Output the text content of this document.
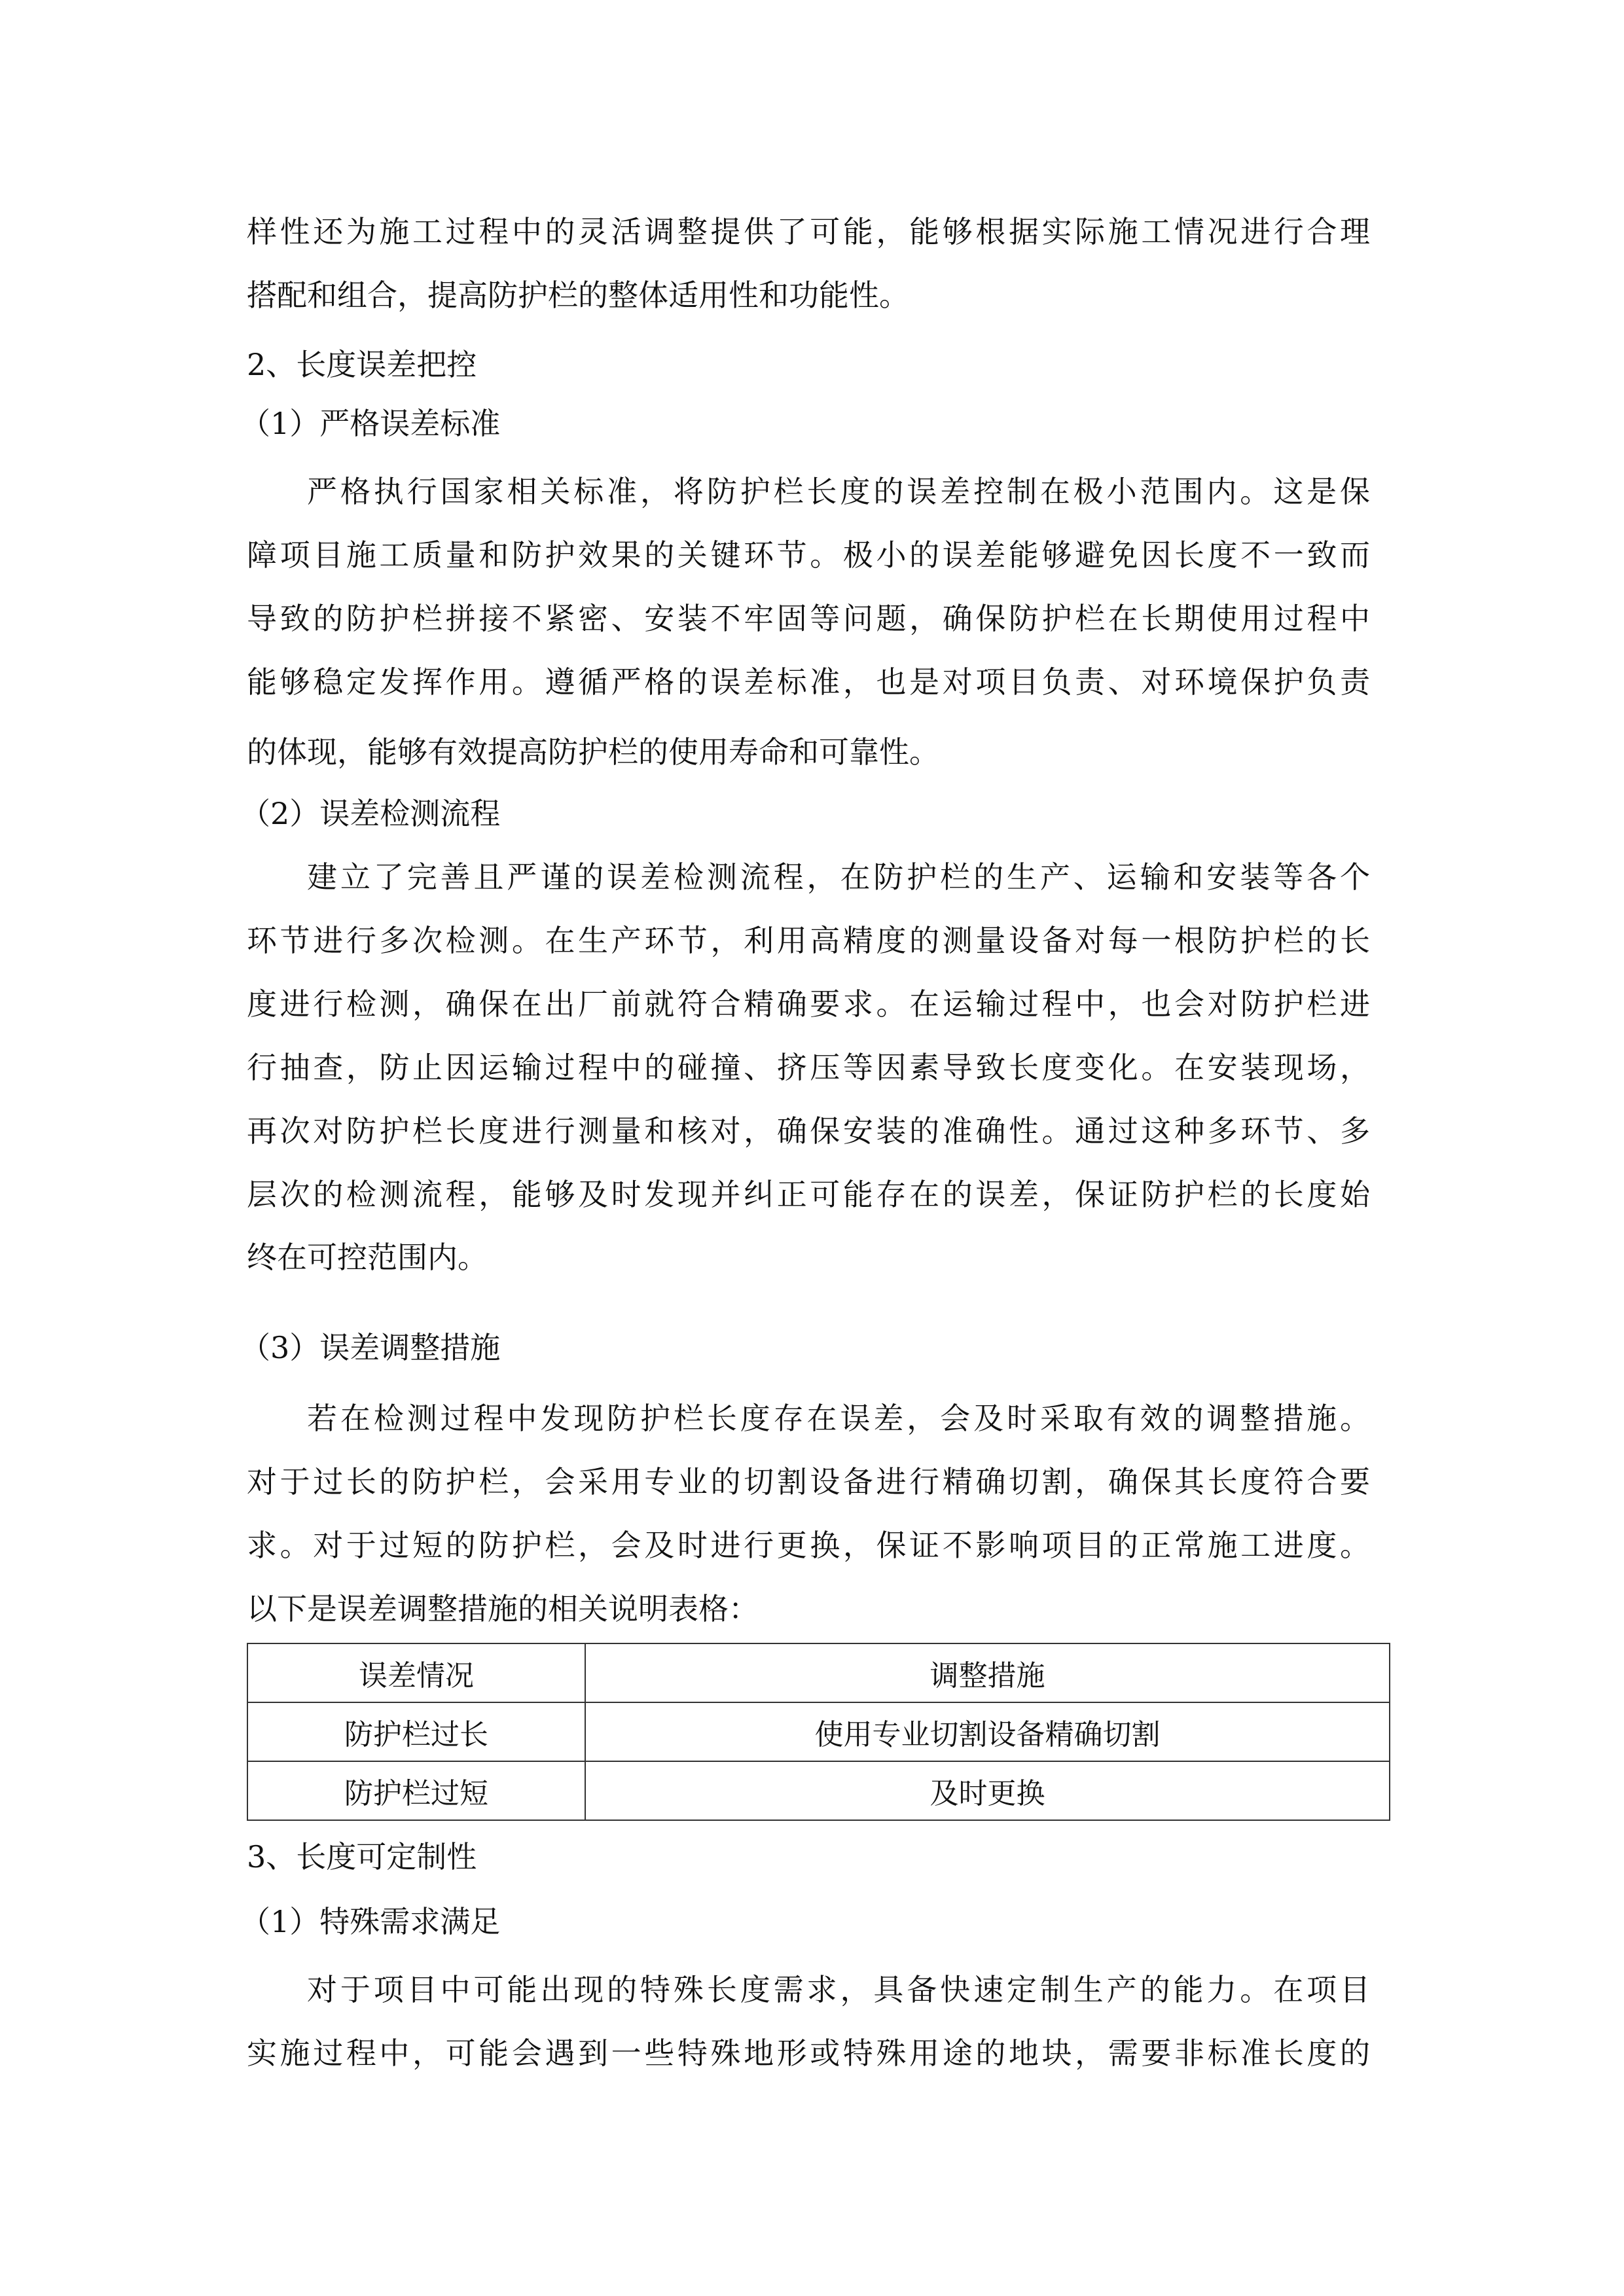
样性还为施工过程中的灵活调整提供了可能，能够根据实际施工情况进行合理
搭配和组合，提高防护栏的整体适用性和功能性。
2、长度误差把控
（1）严格误差标准
严格执行国家相关标准，将防护栏长度的误差控制在极小范围内。这是保
障项目施工质量和防护效果的关键环节。极小的误差能够避免因长度不一致而
导致的防护栏拼接不紧密、安装不牢固等问题，确保防护栏在长期使用过程中
能够稳定发挥作用。遵循严格的误差标准，也是对项目负责、对环境保护负责
的体现，能够有效提高防护栏的使用寿命和可靠性。
（2）误差检测流程
建立了完善且严谨的误差检测流程，在防护栏的生产、运输和安装等各个
环节进行多次检测。在生产环节，利用高精度的测量设备对每一根防护栏的长
度进行检测，确保在出厂前就符合精确要求。在运输过程中，也会对防护栏进
行抽查，防止因运输过程中的碰撞、挤压等因素导致长度变化。在安装现场，
再次对防护栏长度进行测量和核对，确保安装的准确性。通过这种多环节、多
层次的检测流程，能够及时发现并纠正可能存在的误差，保证防护栏的长度始
终在可控范围内。
（3）误差调整措施
若在检测过程中发现防护栏长度存在误差，会及时采取有效的调整措施。
对于过长的防护栏，会采用专业的切割设备进行精确切割，确保其长度符合要
求。对于过短的防护栏，会及时进行更换，保证不影响项目的正常施工进度。
以下是误差调整措施的相关说明表格：
误差情况	调整措施
防护栏过长	使用专业切割设备精确切割
防护栏过短	及时更换
3、长度可定制性
（1）特殊需求满足
对于项目中可能出现的特殊长度需求，具备快速定制生产的能力。在项目
实施过程中，可能会遇到一些特殊地形或特殊用途的地块，需要非标准长度的
